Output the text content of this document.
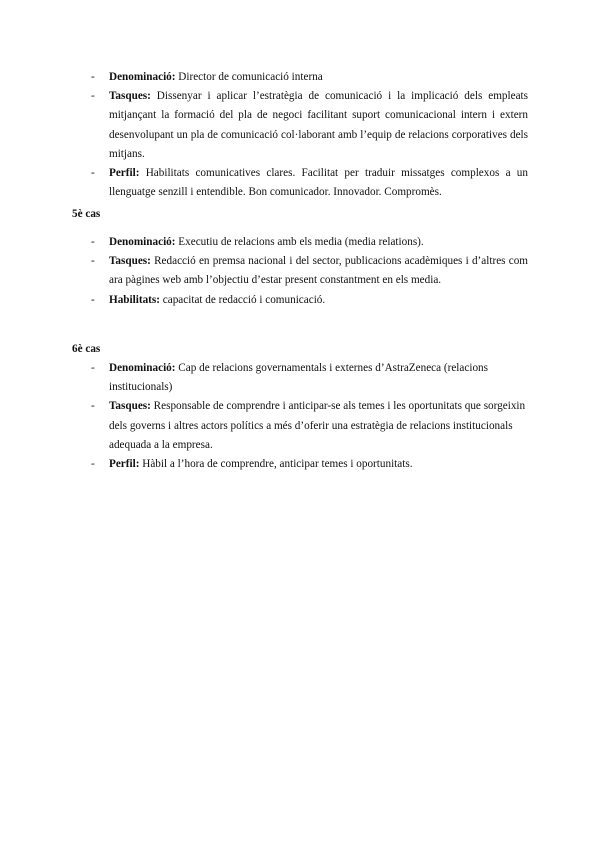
- Denominació: Director de comunicació interna
- Tasques: Dissenyar i aplicar l’estratègia de comunicació i la implicació dels empleats mitjançant la formació del pla de negoci facilitant suport comunicacional intern i extern desenvolupant un pla de comunicació col·laborant amb l’equip de relacions corporatives dels mitjans.
- Perfil: Habilitats comunicatives clares. Facilitat per traduir missatges complexos a un llenguatge senzill i entendible. Bon comunicador. Innovador. Compromès.
5è cas
- Denominació: Executiu de relacions amb els media (media relations).
- Tasques: Redacció en premsa nacional i del sector, publicacions acadèmiques i d’altres com ara pàgines web amb l’objectiu d’estar present constantment en els media.
- Habilitats: capacitat de redacció i comunicació.
6è cas
- Denominació: Cap de relacions governamentals i externes d’AstraZeneca (relacions institucionals)
- Tasques: Responsable de comprendre i anticipar-se als temes i les oportunitats que sorgeixin dels governs i altres actors polítics a més d’oferir una estratègia de relacions institucionals adequada a la empresa.
- Perfil: Hàbil a l’hora de comprendre, anticipar temes i oportunitats.
